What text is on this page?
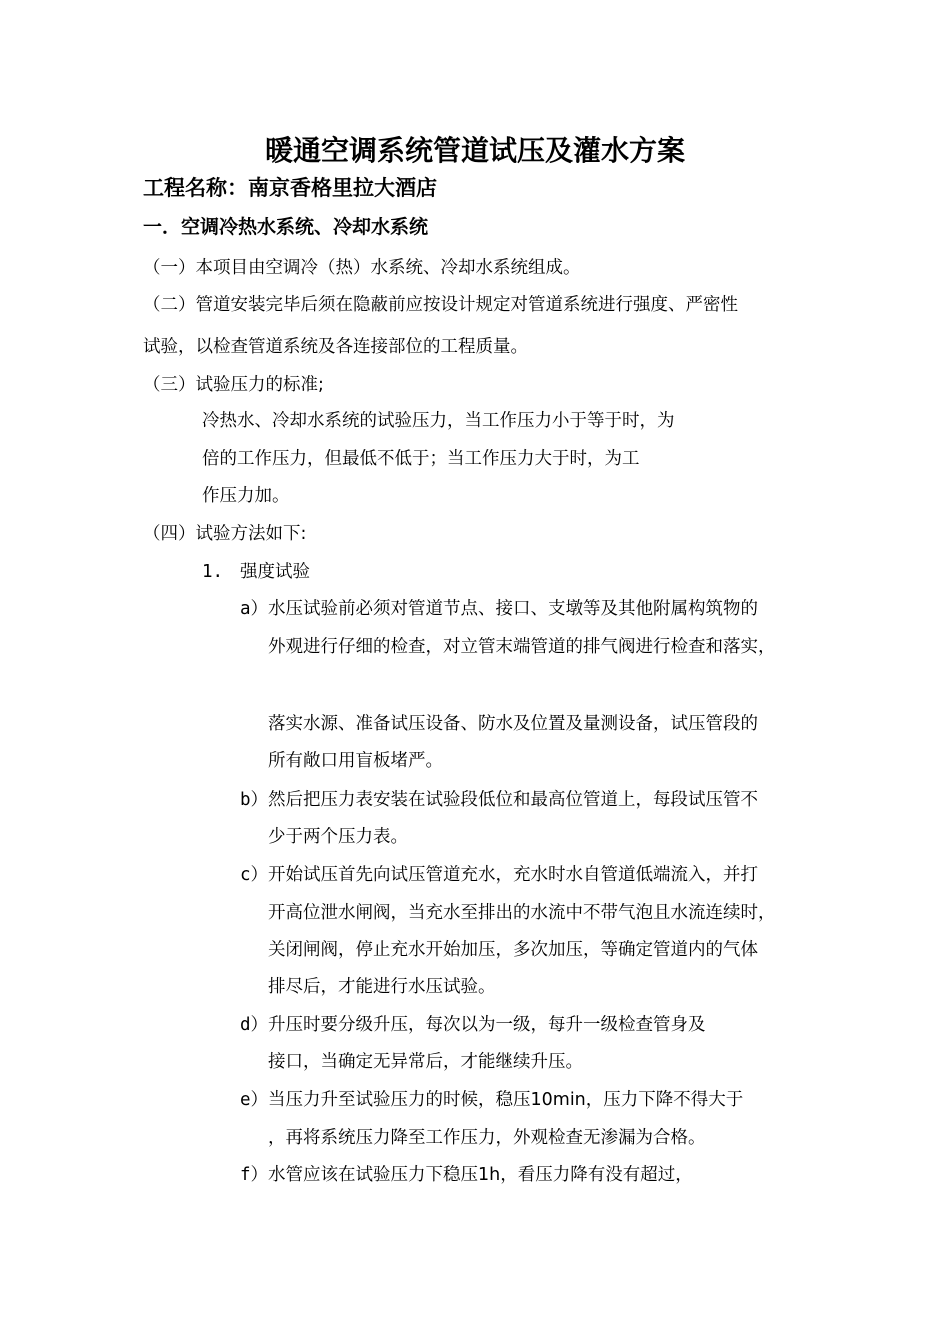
暖通空调系统管道试压及灌水方案
工程名称：南京香格里拉大酒店
一．空调冷热水系统、冷却水系统
（一）本项目由空调冷（热）水系统、冷却水系统组成。
（二）管道安装完毕后须在隐蔽前应按设计规定对管道系统进行强度、严密性
试验，以检查管道系统及各连接部位的工程质量。
（三）试验压力的标准;
冷热水、冷却水系统的试验压力，当工作压力小于等于时，为
倍的工作压力，但最低不低于；当工作压力大于时，为工
作压力加。
（四）试验方法如下:
1. 强度试验
a） 水压试验前必须对管道节点、接口、支墩等及其他附属构筑物的
外观进行仔细的检查，对立管末端管道的排气阀进行检查和落实，
落实水源、准备试压设备、防水及位置及量测设备，试压管段的
所有敞口用盲板堵严。
b） 然后把压力表安装在试验段低位和最高位管道上，每段试压管不
少于两个压力表。
c） 开始试压首先向试压管道充水，充水时水自管道低端流入，并打
开高位泄水闸阀，当充水至排出的水流中不带气泡且水流连续时，
关闭闸阀，停止充水开始加压，多次加压，等确定管道内的气体
排尽后，才能进行水压试验。
d） 升压时要分级升压，每次以为一级，每升一级检查管身及
接口，当确定无异常后，才能继续升压。
e） 当压力升至试验压力的时候，稳压10min，压力下降不得大于
，再将系统压力降至工作压力，外观检查无渗漏为合格。
f） 水管应该在试验压力下稳压1h，看压力降有没有超过，
